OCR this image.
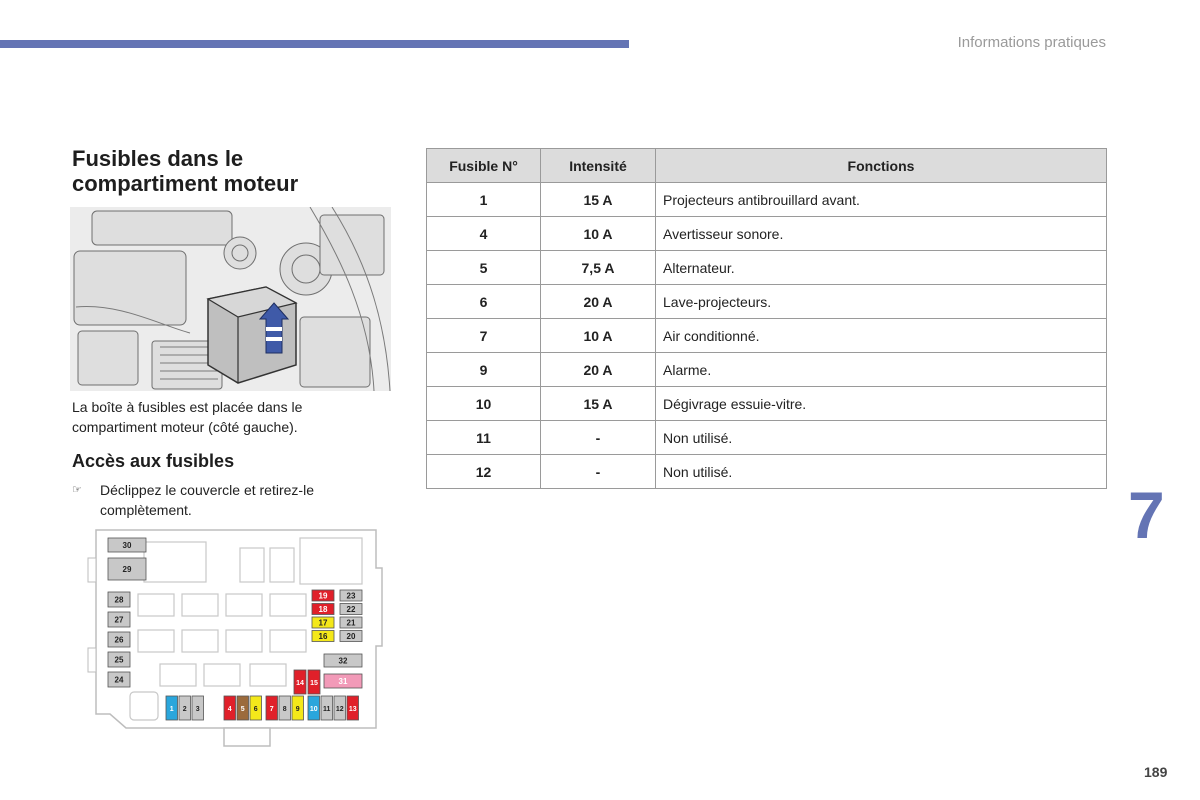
Informations pratiques
Fusibles dans le compartiment moteur
La boîte à fusibles est placée dans le compartiment moteur (côté gauche).
Accès aux fusibles
☞ Déclippez le couvercle et retirez-le complètement.
30
29
28
27
26
25
24
19 23
18 22
17 21
16 20
32
14 15	31
1 2 3	4 5 6 7 8 9 10 11 12 13
Fusible N°	Intensité	Fonctions
1	15 A	Projecteurs antibrouillard avant.
4	10 A	Avertisseur sonore.
5	7,5 A	Alternateur.
6	20 A	Lave-projecteurs.
7	10 A	Air conditionné.
9	20 A	Alarme.
10	15 A	Dégivrage essuie-vitre.
11	-	Non utilisé.
12	-	Non utilisé.
7
189
